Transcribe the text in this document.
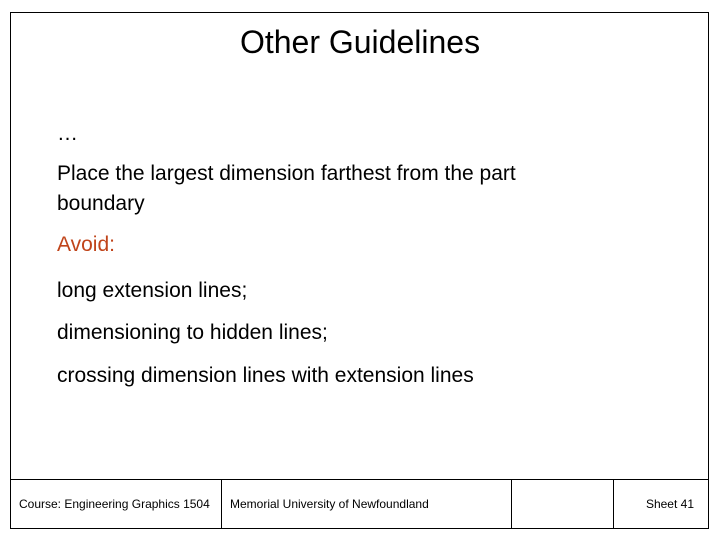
Other Guidelines

…

Place the largest dimension farthest from the part

boundary

Avoid:

long extension lines;

dimensioning to hidden lines;

crossing dimension lines with extension lines

Course: Engineering Graphics 1504	Memorial University of Newfoundland	Sheet 41
